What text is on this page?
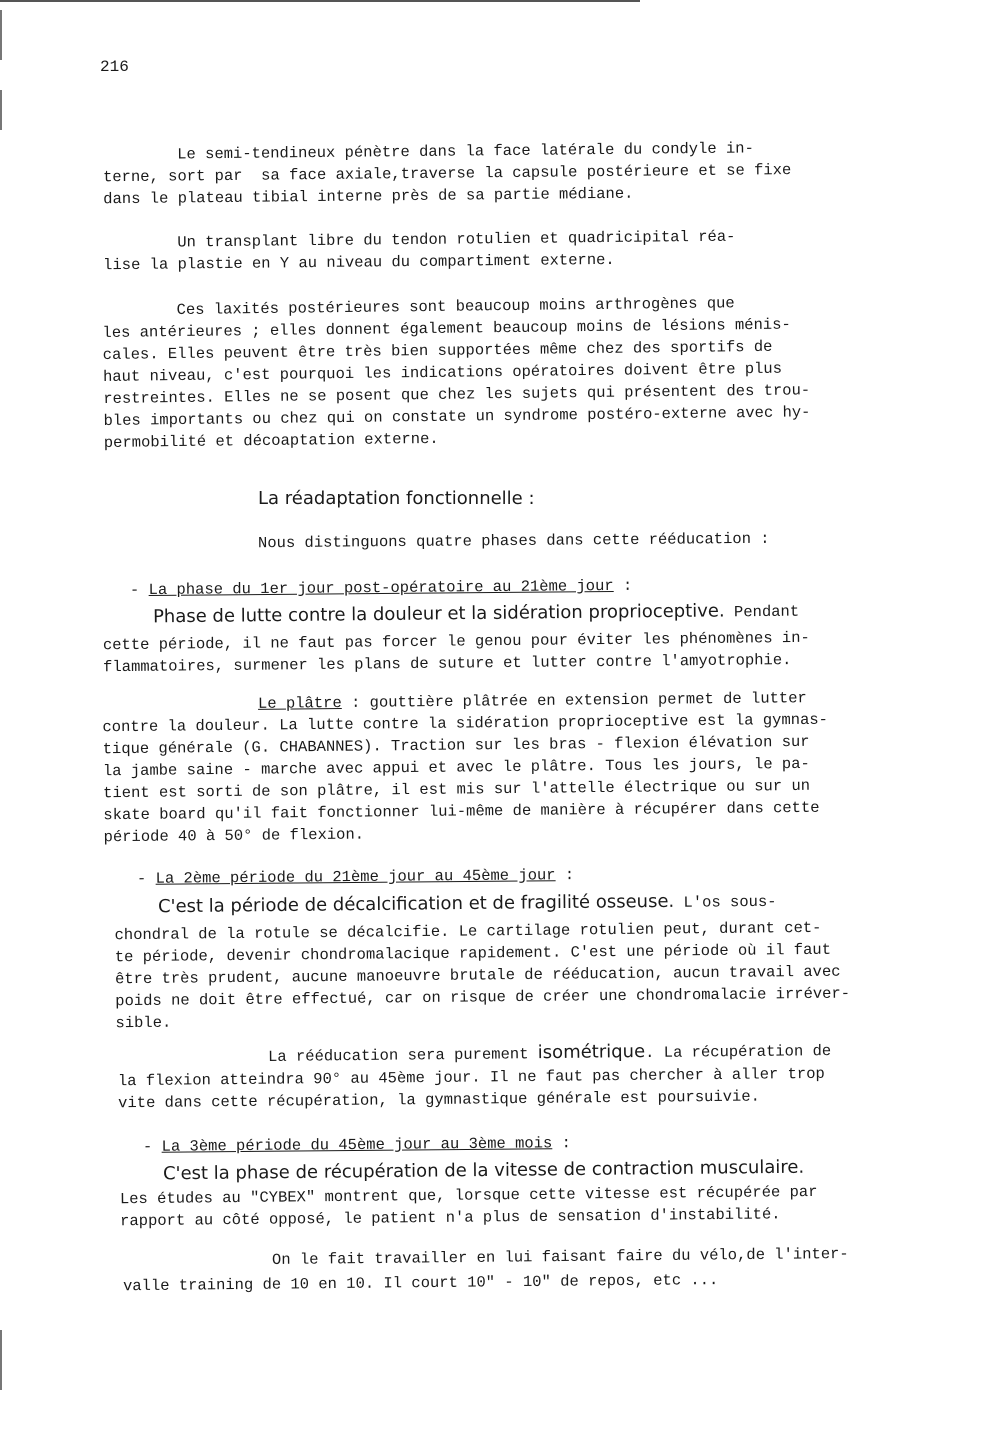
216
Le semi-tendineux pénètre dans la face latérale du condyle in-
terne, sort par  sa face axiale,traverse la capsule postérieure et se fixe
dans le plateau tibial interne près de sa partie médiane.
Un transplant libre du tendon rotulien et quadricipital réa-
lise la plastie en Y au niveau du compartiment externe.
Ces laxités postérieures sont beaucoup moins arthrogènes que
les antérieures ; elles donnent également beaucoup moins de lésions ménis-
cales. Elles peuvent être très bien supportées même chez des sportifs de
haut niveau, c'est pourquoi les indications opératoires doivent être plus
restreintes. Elles ne se posent que chez les sujets qui présentent des trou-
bles importants ou chez qui on constate un syndrome postéro-externe avec hy-
permobilité et décoaptation externe.
La réadaptation fonctionnelle :
Nous distinguons quatre phases dans cette rééducation :
- La phase du 1er jour post-opératoire au 21ème jour :
Phase de lutte contre la douleur et la sidération proprioceptive. Pendant
cette période, il ne faut pas forcer le genou pour éviter les phénomènes in-
flammatoires, surmener les plans de suture et lutter contre l'amyotrophie.
Le plâtre : gouttière plâtrée en extension permet de lutter
contre la douleur. La lutte contre la sidération proprioceptive est la gymnas-
tique générale (G. CHABANNES). Traction sur les bras - flexion élévation sur
la jambe saine - marche avec appui et avec le plâtre. Tous les jours, le pa-
tient est sorti de son plâtre, il est mis sur l'attelle électrique ou sur un
skate board qu'il fait fonctionner lui-même de manière à récupérer dans cette
période 40 à 50° de flexion.
- La 2ème période du 21ème jour au 45ème jour :
C'est la période de décalcification et de fragilité osseuse. L'os sous-
chondral de la rotule se décalcifie. Le cartilage rotulien peut, durant cet-
te période, devenir chondromalacique rapidement. C'est une période où il faut
être très prudent, aucune manoeuvre brutale de rééducation, aucun travail avec
poids ne doit être effectué, car on risque de créer une chondromalacie irréver-
sible.
La rééducation sera purement isométrique. La récupération de
la flexion atteindra 90° au 45ème jour. Il ne faut pas chercher à aller trop
vite dans cette récupération, la gymnastique générale est poursuivie.
- La 3ème période du 45ème jour au 3ème mois :
C'est la phase de récupération de la vitesse de contraction musculaire.
Les études au "CYBEX" montrent que, lorsque cette vitesse est récupérée par
rapport au côté opposé, le patient n'a plus de sensation d'instabilité.
On le fait travailler en lui faisant faire du vélo,de l'inter-
valle training de 10 en 10. Il court 10" - 10" de repos, etc ...
